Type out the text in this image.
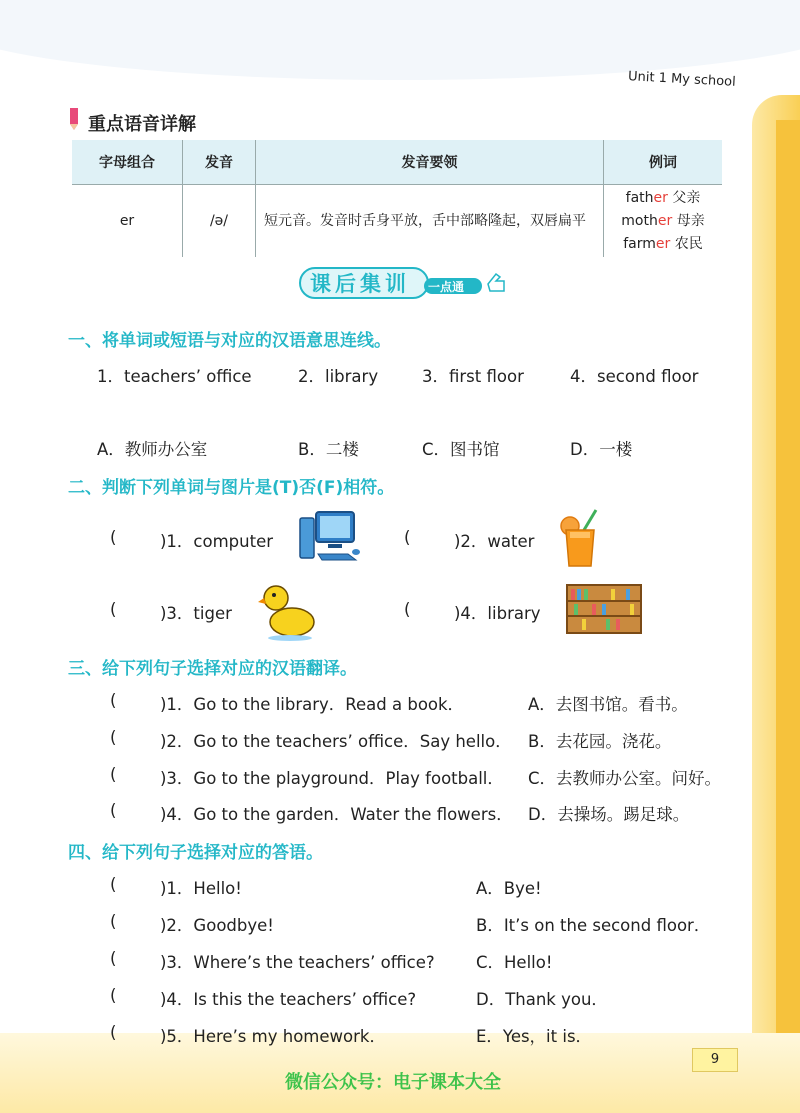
Unit 1 My school
重点语音详解
字母组合	发音	发音要领	例词
er	/ə/	短元音。发音时舌身平放，舌中部略隆起，双唇扁平	father 父亲
mother 母亲
farmer 农民
课后集训 一点通
一、将单词或短语与对应的汉语意思连线。
1．teachers’ office	2．library	3．first floor	4．second floor
A．教师办公室	B．二楼	C．图书馆	D．一楼
二、判断下列单词与图片是(T)否(F)相符。
(	)1．computer	(	)2．water
(	)3．tiger	(	)4．library
三、给下列句子选择对应的汉语翻译。
(	)1．Go to the library．Read a book．	A．去图书馆。看书。
(	)2．Go to the teachers’ office．Say hello． B．去花园。浇花。
(	)3．Go to the playground．Play football． C．去教师办公室。问好。
(	)4．Go to the garden．Water the flowers． D．去操场。踢足球。
四、给下列句子选择对应的答语。
(	)1．Hello!	A．Bye!
(	)2．Goodbye!	B．It’s on the second floor．
(	)3．Where’s the teachers’ office?	C．Hello!
(	)4．Is this the teachers’ office?	D．Thank you．
(	)5．Here’s my homework．	E．Yes，it is．
9
微信公众号：电子课本大全
